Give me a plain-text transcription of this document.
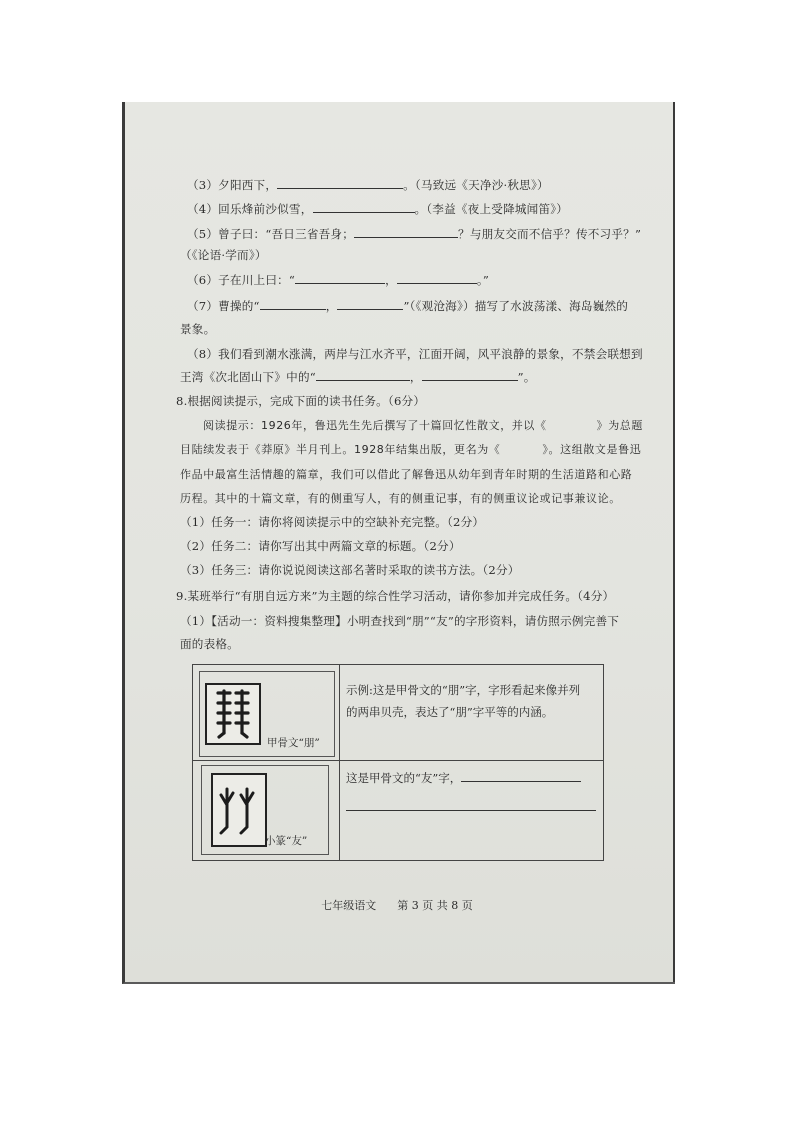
（3）夕阳西下，	。（马致远《天净沙·秋思》）
（4）回乐烽前沙似雪，	。（李益《夜上受降城闻笛》）
（5）曾子曰：“吾日三省吾身；	？与朋友交而不信乎？传不习乎？”
（《论语·学而》）
（6）子在川上曰：“	，	。”
（7）曹操的“	，	”（《观沧海》）描写了水波荡漾、海岛巍然的
景象。
（8）我们看到潮水涨满，两岸与江水齐平，江面开阔，风平浪静的景象，不禁会联想到
王湾《次北固山下》中的“	，	”。
8.根据阅读提示，完成下面的读书任务。（6分）
阅读提示：1926年，鲁迅先生先后撰写了十篇回忆性散文，并以《	》为总题
目陆续发表于《莽原》半月刊上。1928年结集出版，更名为《	》。这组散文是鲁迅
作品中最富生活情趣的篇章，我们可以借此了解鲁迅从幼年到青年时期的生活道路和心路
历程。其中的十篇文章，有的侧重写人，有的侧重记事，有的侧重议论或记事兼议论。
（1）任务一：请你将阅读提示中的空缺补充完整。（2分）
（2）任务二：请你写出其中两篇文章的标题。（2分）
（3）任务三：请你说说阅读这部名著时采取的读书方法。（2分）
9.某班举行“有朋自远方来”为主题的综合性学习活动，请你参加并完成任务。（4分）
（1）【活动一：资料搜集整理】小明查找到“朋”“友”的字形资料，请仿照示例完善下
面的表格。
甲骨文“朋”	示例:这是甲骨文的“朋”字，字形看起来像并列
的两串贝壳，表达了“朋”字平等的内涵。

小篆“友”	这是甲骨文的“友”字，
七年级语文 第 3 页 共 8 页
